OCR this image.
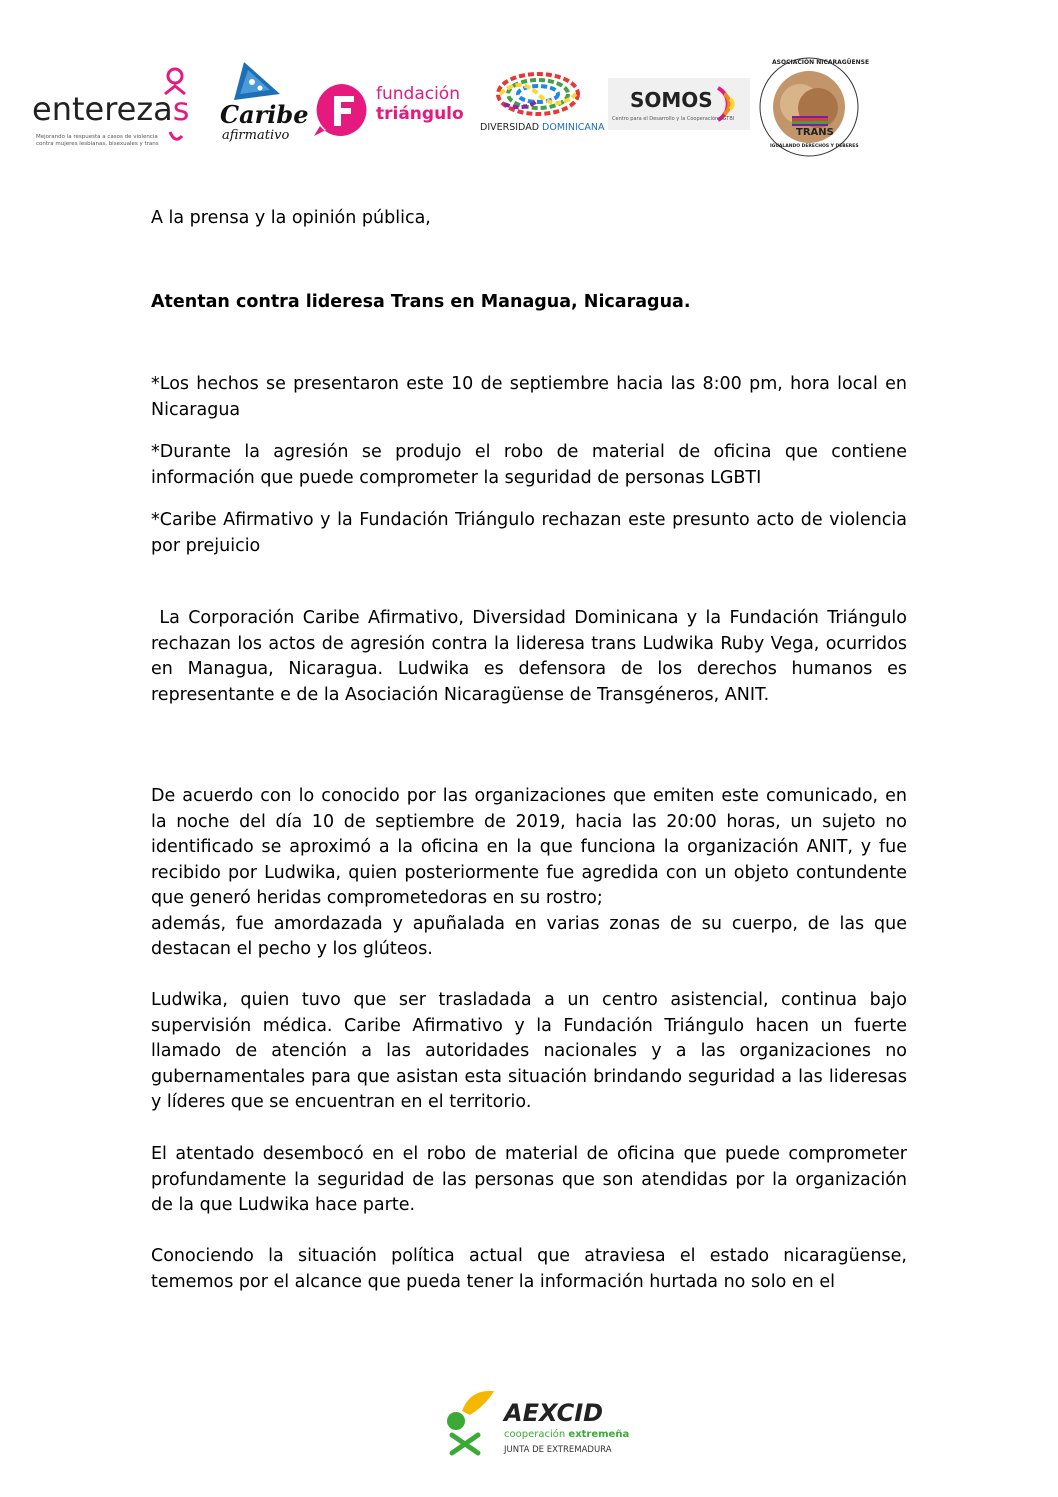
enterezas
Mejorando la respuesta a casos de violencia
contra mujeres lesbianas, bisexuales y trans
Caribe
afirmativo
fundación
triángulo
DIVERSIDAD DOMINICANA
SOMOS
Centro para el Desarrollo y la Cooperación LGTBI
ASOCIACIÓN NICARAGÜENSE
TRANS
IGUALANDO DERECHOS Y DEBERES

A la prensa y la opinión pública,

Atentan contra lideresa Trans en Managua, Nicaragua.

*Los hechos se presentaron este 10 de septiembre hacia las 8:00 pm, hora local en Nicaragua

*Durante la agresión se produjo el robo de material de oficina que contiene información que puede comprometer la seguridad de personas LGBTI

*Caribe Afirmativo y la Fundación Triángulo rechazan este presunto acto de violencia por prejuicio

La Corporación Caribe Afirmativo, Diversidad Dominicana y la Fundación Triángulo rechazan los actos de agresión contra la lideresa trans Ludwika Ruby Vega, ocurridos en Managua, Nicaragua. Ludwika es defensora de los derechos humanos es representante e de la Asociación Nicaragüense de Transgéneros, ANIT.

De acuerdo con lo conocido por las organizaciones que emiten este comunicado, en la noche del día 10 de septiembre de 2019, hacia las 20:00 horas, un sujeto no identificado se aproximó a la oficina en la que funciona la organización ANIT, y fue recibido por Ludwika, quien posteriormente fue agredida con un objeto contundente que generó heridas comprometedoras en su rostro;

además, fue amordazada y apuñalada en varias zonas de su cuerpo, de las que destacan el pecho y los glúteos.

Ludwika, quien tuvo que ser trasladada a un centro asistencial, continua bajo supervisión médica. Caribe Afirmativo y la Fundación Triángulo hacen un fuerte llamado de atención a las autoridades nacionales y a las organizaciones no gubernamentales para que asistan esta situación brindando seguridad a las lideresas y líderes que se encuentran en el territorio.

El atentado desembocó en el robo de material de oficina que puede comprometer profundamente la seguridad de las personas que son atendidas por la organización de la que Ludwika hace parte.

Conociendo la situación política actual que atraviesa el estado nicaragüense, tememos por el alcance que pueda tener la información hurtada no solo en el

AEXCID
cooperación extremeña
JUNTA DE EXTREMADURA
